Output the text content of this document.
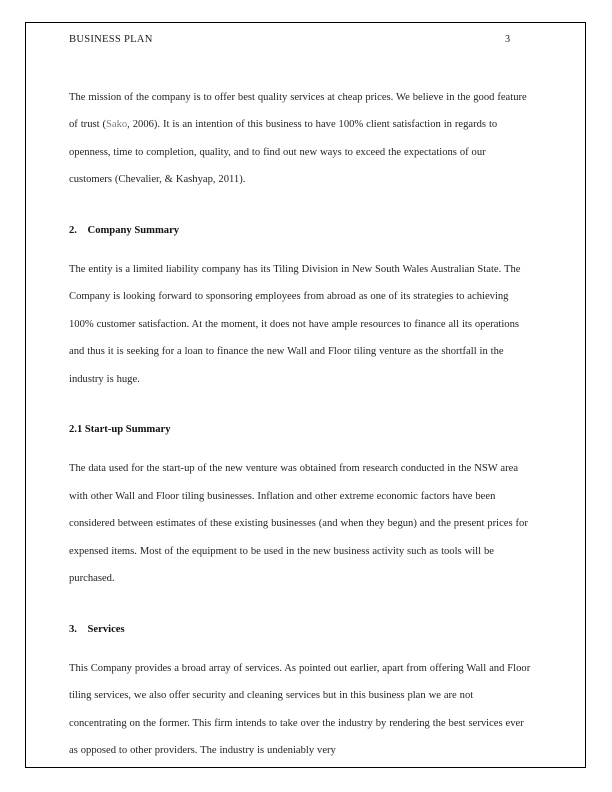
BUSINESS PLAN	3

The mission of the company is to offer best quality services at cheap prices. We believe in the good feature of trust (Sako, 2006). It is an intention of this business to have 100% client satisfaction in regards to openness, time to completion, quality, and to find out new ways to exceed the expectations of our customers (Chevalier, & Kashyap, 2011).

2. Company Summary

The entity is a limited liability company has its Tiling Division in New South Wales Australian State. The Company is looking forward to sponsoring employees from abroad as one of its strategies to achieving 100% customer satisfaction. At the moment, it does not have ample resources to finance all its operations and thus it is seeking for a loan to finance the new Wall and Floor tiling venture as the shortfall in the industry is huge.

2.1 Start-up Summary

The data used for the start-up of the new venture was obtained from research conducted in the NSW area with other Wall and Floor tiling businesses. Inflation and other extreme economic factors have been considered between estimates of these existing businesses (and when they begun) and the present prices for expensed items. Most of the equipment to be used in the new business activity such as tools will be purchased.

3. Services

This Company provides a broad array of services. As pointed out earlier, apart from offering Wall and Floor tiling services, we also offer security and cleaning services but in this business plan we are not concentrating on the former. This firm intends to take over the industry by rendering the best services ever as opposed to other providers. The industry is undeniably very
